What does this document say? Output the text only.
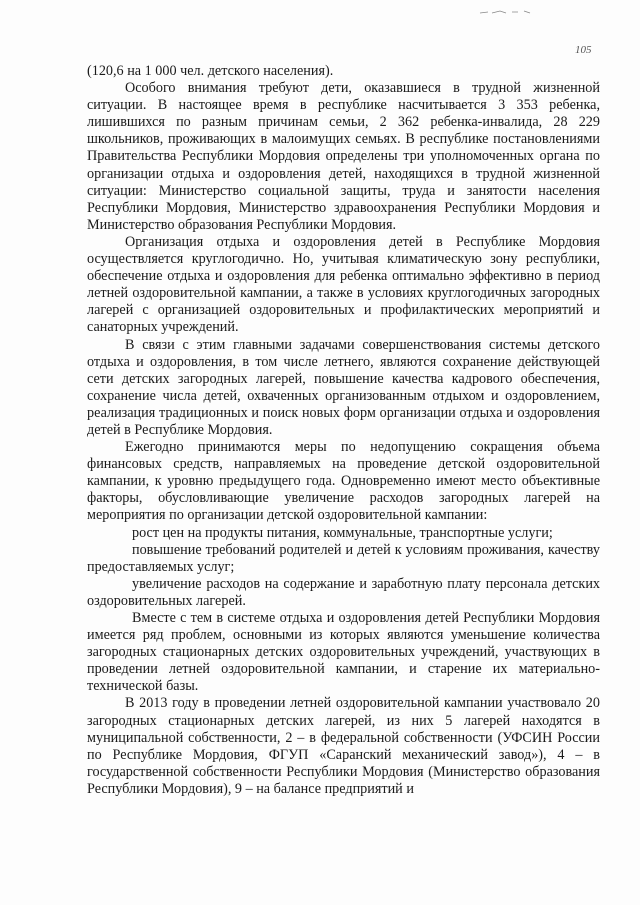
105

(120,6 на 1 000 чел. детского населения).

Особого внимания требуют дети, оказавшиеся в трудной жизненной ситуации. В настоящее время в республике насчитывается 3 353 ребенка, лишившихся по разным причинам семьи, 2 362 ребенка-инвалида, 28 229 школьников, проживающих в малоимущих семьях. В республике постановлениями Правительства Республики Мордовия определены три уполномоченных органа по организации отдыха и оздоровления детей, находящихся в трудной жизненной ситуации: Министерство социальной защиты, труда и занятости населения Республики Мордовия, Министерство здравоохранения Республики Мордовия и Министерство образования Республики Мордовия.

Организация отдыха и оздоровления детей в Республике Мордовия осуществляется круглогодично. Но, учитывая климатическую зону республики, обеспечение отдыха и оздоровления для ребенка оптимально эффективно в период летней оздоровительной кампании, а также в условиях круглогодичных загородных лагерей с организацией оздоровительных и профилактических мероприятий и санаторных учреждений.

В связи с этим главными задачами совершенствования системы детского отдыха и оздоровления, в том числе летнего, являются сохранение действующей сети детских загородных лагерей, повышение качества кадрового обеспечения, сохранение числа детей, охваченных организованным отдыхом и оздоровлением, реализация традиционных и поиск новых форм организации отдыха и оздоровления детей в Республике Мордовия.

Ежегодно принимаются меры по недопущению сокращения объема финансовых средств, направляемых на проведение детской оздоровительной кампании, к уровню предыдущего года. Одновременно имеют место объективные факторы, обусловливающие увеличение расходов загородных лагерей на мероприятия по организации детской оздоровительной кампании:

рост цен на продукты питания, коммунальные, транспортные услуги;

повышение требований родителей и детей к условиям проживания, качеству предоставляемых услуг;

увеличение расходов на содержание и заработную плату персонала детских оздоровительных лагерей.

Вместе с тем в системе отдыха и оздоровления детей Республики Мордовия имеется ряд проблем, основными из которых являются уменьшение количества загородных стационарных детских оздоровительных учреждений, участвующих в проведении летней оздоровительной кампании, и старение их материально-технической базы.

В 2013 году в проведении летней оздоровительной кампании участвовало 20 загородных стационарных детских лагерей, из них 5 лагерей находятся в муниципальной собственности, 2 – в федеральной собственности (УФСИН России по Республике Мордовия, ФГУП «Саранский механический завод»), 4 – в государственной собственности Республики Мордовия (Министерство образования Республики Мордовия), 9 – на балансе предприятий и
